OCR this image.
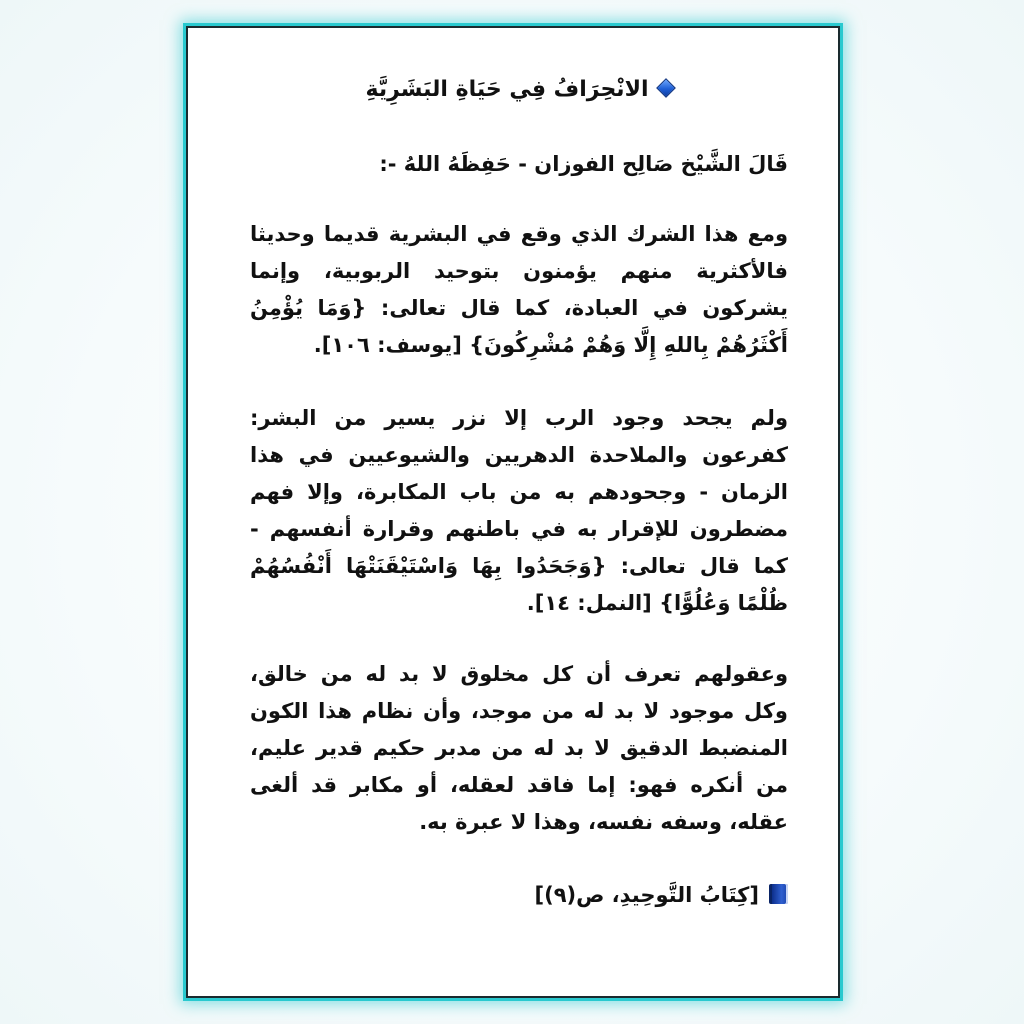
الانْحِرَافُ فِي حَيَاةِ البَشَرِيَّةِ

قَالَ الشَّيْخ صَالِح الفوزان - حَفِظَهُ اللهُ -:

ومع هذا الشرك الذي وقع في البشرية قديما وحديثا فالأكثرية منهم يؤمنون بتوحيد الربوبية، وإنما يشركون في العبادة، كما قال تعالى: {وَمَا يُؤْمِنُ أَكْثَرُهُمْ بِاللهِ إِلَّا وَهُمْ مُشْرِكُونَ} [يوسف: ١٠٦].

ولم يجحد وجود الرب إلا نزر يسير من البشر: كفرعون والملاحدة الدهريين والشيوعيين في هذا الزمان - وجحودهم به من باب المكابرة، وإلا فهم مضطرون للإقرار به في باطنهم وقرارة أنفسهم - كما قال تعالى: {وَجَحَدُوا بِهَا وَاسْتَيْقَنَتْهَا أَنْفُسُهُمْ ظُلْمًا وَعُلُوًّا} [النمل: ١٤].

وعقولهم تعرف أن كل مخلوق لا بد له من خالق، وكل موجود لا بد له من موجد، وأن نظام هذا الكون المنضبط الدقيق لا بد له من مدبر حكيم قدير عليم، من أنكره فهو: إما فاقد لعقله، أو مكابر قد ألغى عقله، وسفه نفسه، وهذا لا عبرة به.

[كِتَابُ التَّوحِيدِ، ص(٩)]
